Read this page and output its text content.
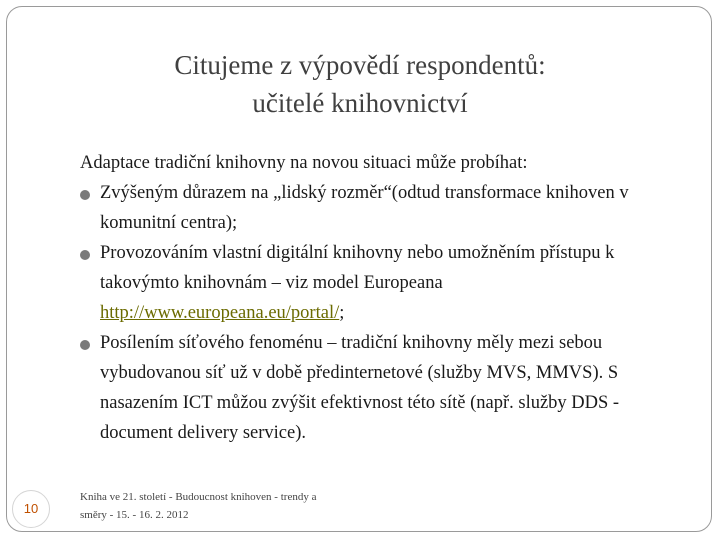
Citujeme z výpovědí respondentů:
učitelé knihovnictví
Adaptace tradiční knihovny na novou situaci může probíhat:
Zvýšeným důrazem na „lidský rozměr“(odtud transformace knihoven v komunitní centra);
Provozováním vlastní digitální knihovny nebo umožněním přístupu k takovýmto knihovnám – viz model Europeana http://www.europeana.eu/portal/;
Posílením síťového fenoménu – tradiční knihovny měly mezi sebou vybudovanou síť už v době předinternetové (služby MVS, MMVS). S nasazením ICT můžou zvýšit efektivnost této sítě (např. služby DDS -document delivery service).
10
Kniha ve 21. století - Budoucnost knihoven - trendy a
směry - 15. - 16. 2. 2012
